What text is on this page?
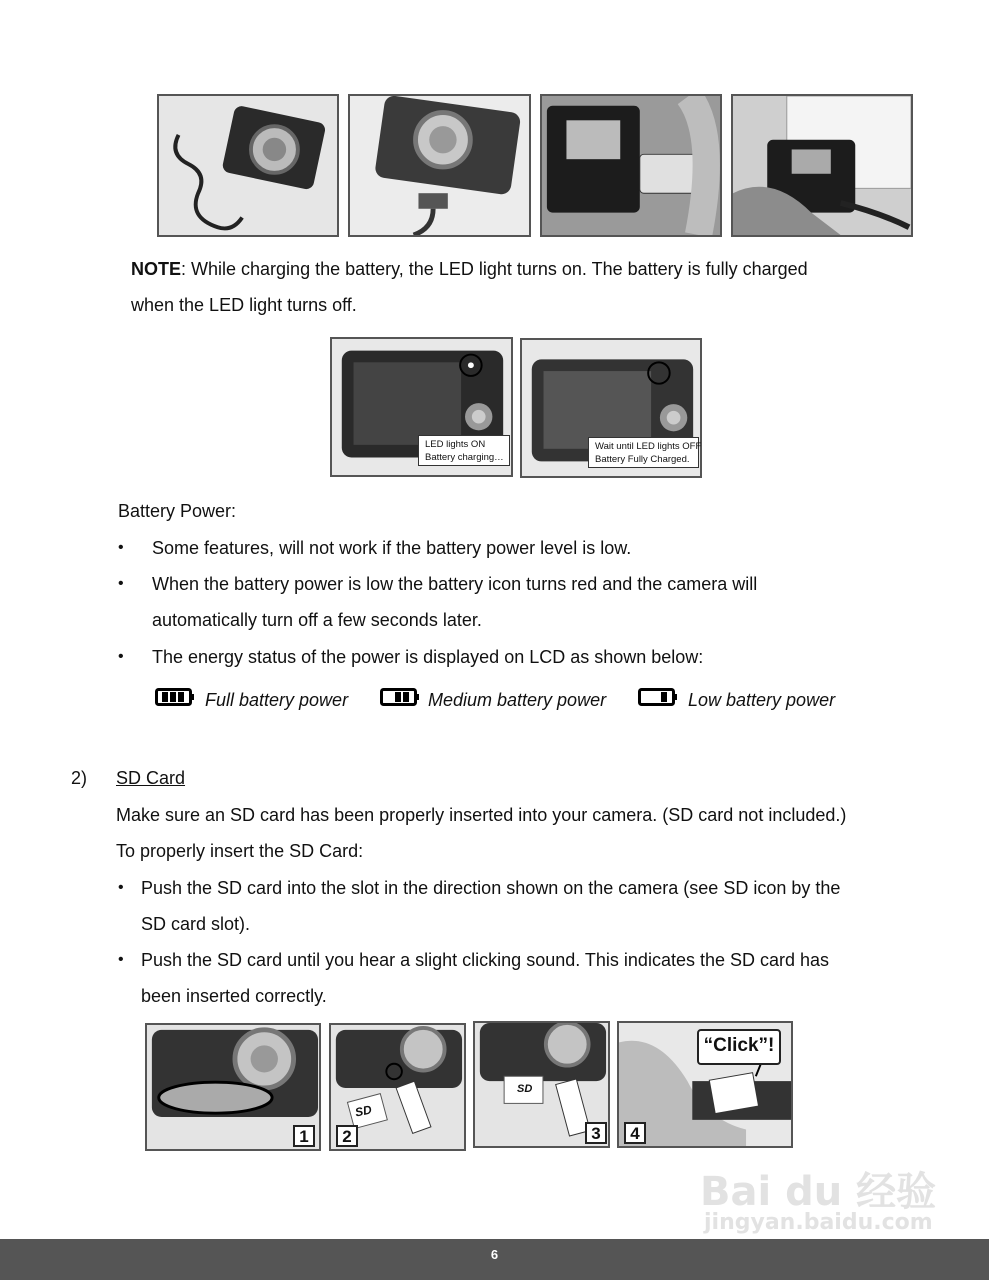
NOTE: While charging the battery, the LED light turns on. The battery is fully charged
when the LED light turns off.
LED lights ON
Battery charging…
Wait until LED lights OFF
Battery Fully Charged.
Battery Power:
• Some features, will not work if the battery power level is low.
• When the battery power is low the battery icon turns red and the camera will
automatically turn off a few seconds later.
• The energy status of the power is displayed on LCD as shown below:
Full battery power	Medium battery power	Low battery power
2) SD Card
Make sure an SD card has been properly inserted into your camera. (SD card not included.)
To properly insert the SD Card:
• Push the SD card into the slot in the direction shown on the camera (see SD icon by the
SD card slot).
• Push the SD card until you hear a slight clicking sound. This indicates the SD card has
been inserted correctly.
1
SD
2
SD
3
“Click”!
4
Bai du 经验
jingyan.baidu.com
6
